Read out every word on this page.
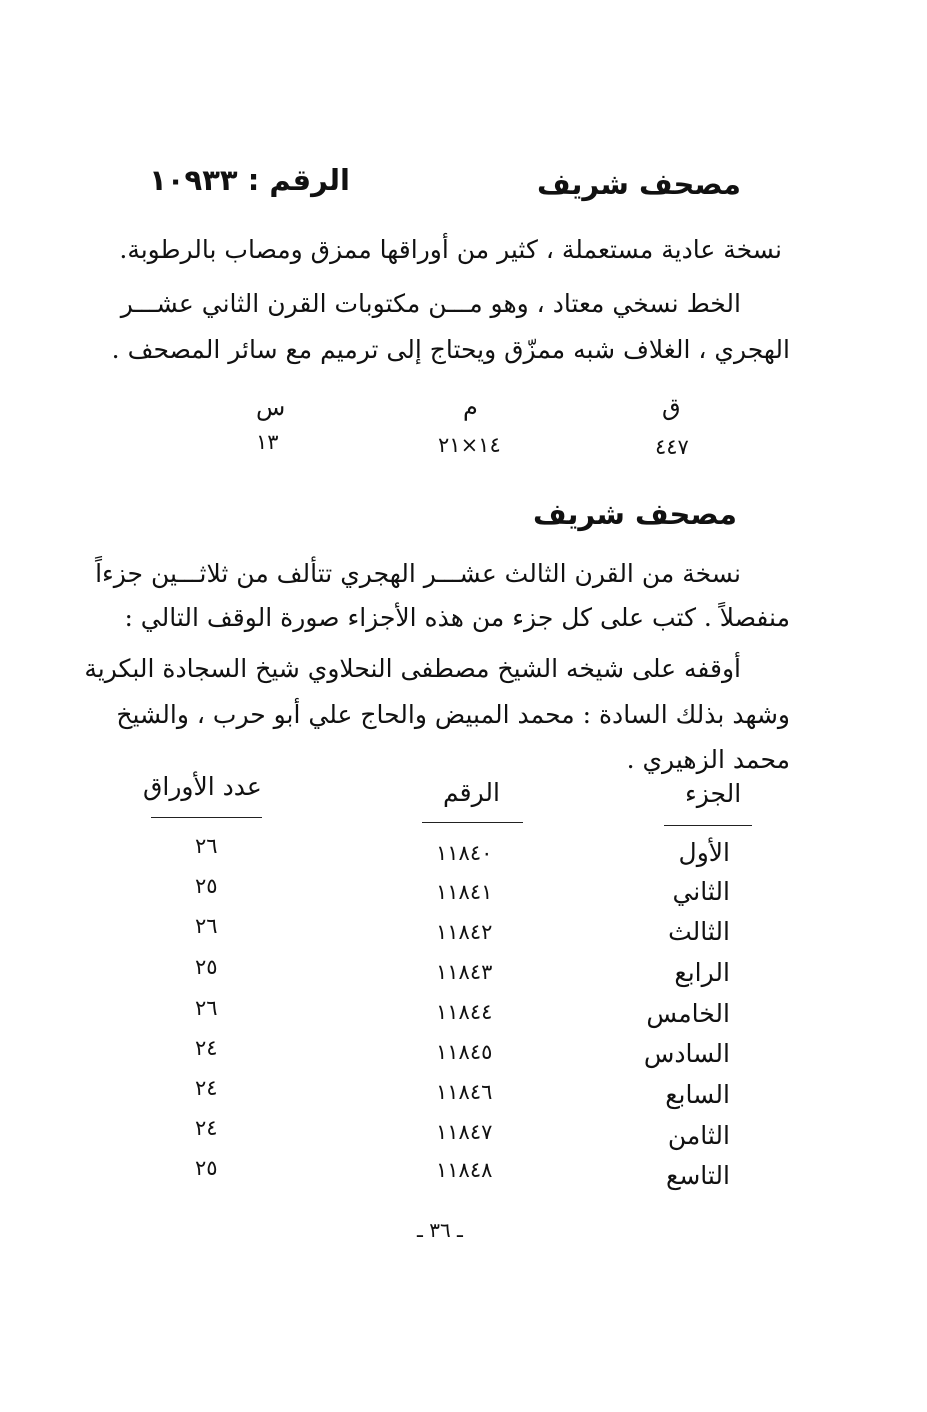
مصحف شريف
الرقم : ١٠٩٣٣
نسخة عادية مستعملة ، كثير من أوراقها ممزق ومصاب بالرطوبة.
الخط نسخي معتاد ، وهو مـــن مكتوبات القرن الثاني عشـــر
الهجري ، الغلاف شبه ممزّق ويحتاج إلى ترميم مع سائر المصحف .
ق
م
س
٤٤٧
١٤×٢١
١٣
مصحف شريف
نسخة من القرن الثالث عشـــر الهجري تتألف من ثلاثـــين جزءاً
منفصلاً . كتب على كل جزء من هذه الأجزاء صورة الوقف التالي :
أوقفه على شيخه الشيخ مصطفى النحلاوي شيخ السجادة البكرية
وشهد بذلك السادة : محمد المبيض والحاج علي أبو حرب ، والشيخ
محمد الزهيري .
الجزء
الرقم
عدد الأوراق
الأول
١١٨٤٠
٢٦
الثاني
١١٨٤١
٢٥
الثالث
١١٨٤٢
٢٦
الرابع
١١٨٤٣
٢٥
الخامس
١١٨٤٤
٢٦
السادس
١١٨٤٥
٢٤
السابع
١١٨٤٦
٢٤
الثامن
١١٨٤٧
٢٤
التاسع
١١٨٤٨
٢٥
ـ ٣٦ ـ
